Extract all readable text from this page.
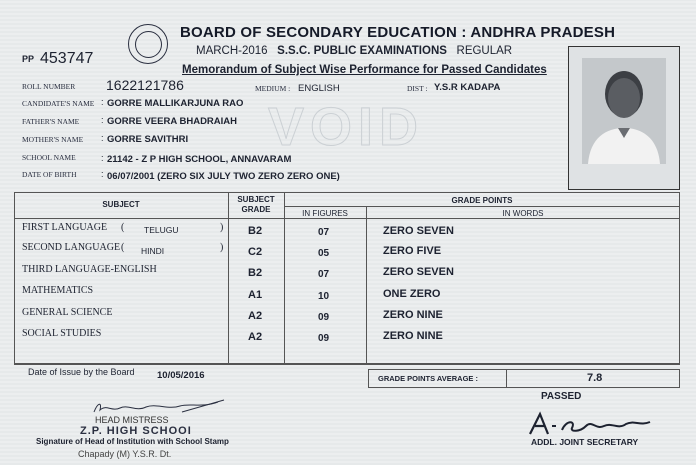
BOARD OF SECONDARY EDUCATION : ANDHRA PRADESH
MARCH-2016 S.S.C. PUBLIC EXAMINATIONS REGULAR
Memorandum of Subject Wise Performance for Passed Candidates
PP 453747
VOID
ROLL NUMBER 1622121786	MEDIUM : ENGLISH	DIST : Y.S.R KADAPA
CANDIDATE'S NAME : GORRE MALLIKARJUNA RAO
FATHER'S NAME : GORRE VEERA BHADRAIAH
MOTHER'S NAME : GORRE SAVITHRI
SCHOOL NAME	: 21142 - Z P HIGH SCHOOL, ANNAVARAM
DATE OF BIRTH	: 06/07/2001 (ZERO SIX JULY TWO ZERO ZERO ONE)
SUBJECT
SUBJECT
GRADE
GRADE POINTS
IN FIGURES	IN WORDS
FIRST LANGUAGE ( TELUGU	) B2	07	ZERO SEVEN
SECOND LANGUAGE ( HINDI	) C2	05	ZERO FIVE
THIRD LANGUAGE-ENGLISH	B2	07	ZERO SEVEN
MATHEMATICS	A1	10	ONE ZERO
GENERAL SCIENCE	A2	09	ZERO NINE
SOCIAL STUDIES	A2	09	ZERO NINE
Date of Issue by the Board 10/05/2016	GRADE POINTS AVERAGE :	7.8
PASSED
HEAD MISTRESS
Z.P. HIGH SCHOOI
Signature of Head of Institution with School Stamp
Chapady (M) Y.S.R. Dt.
ADDL. JOINT SECRETARY
